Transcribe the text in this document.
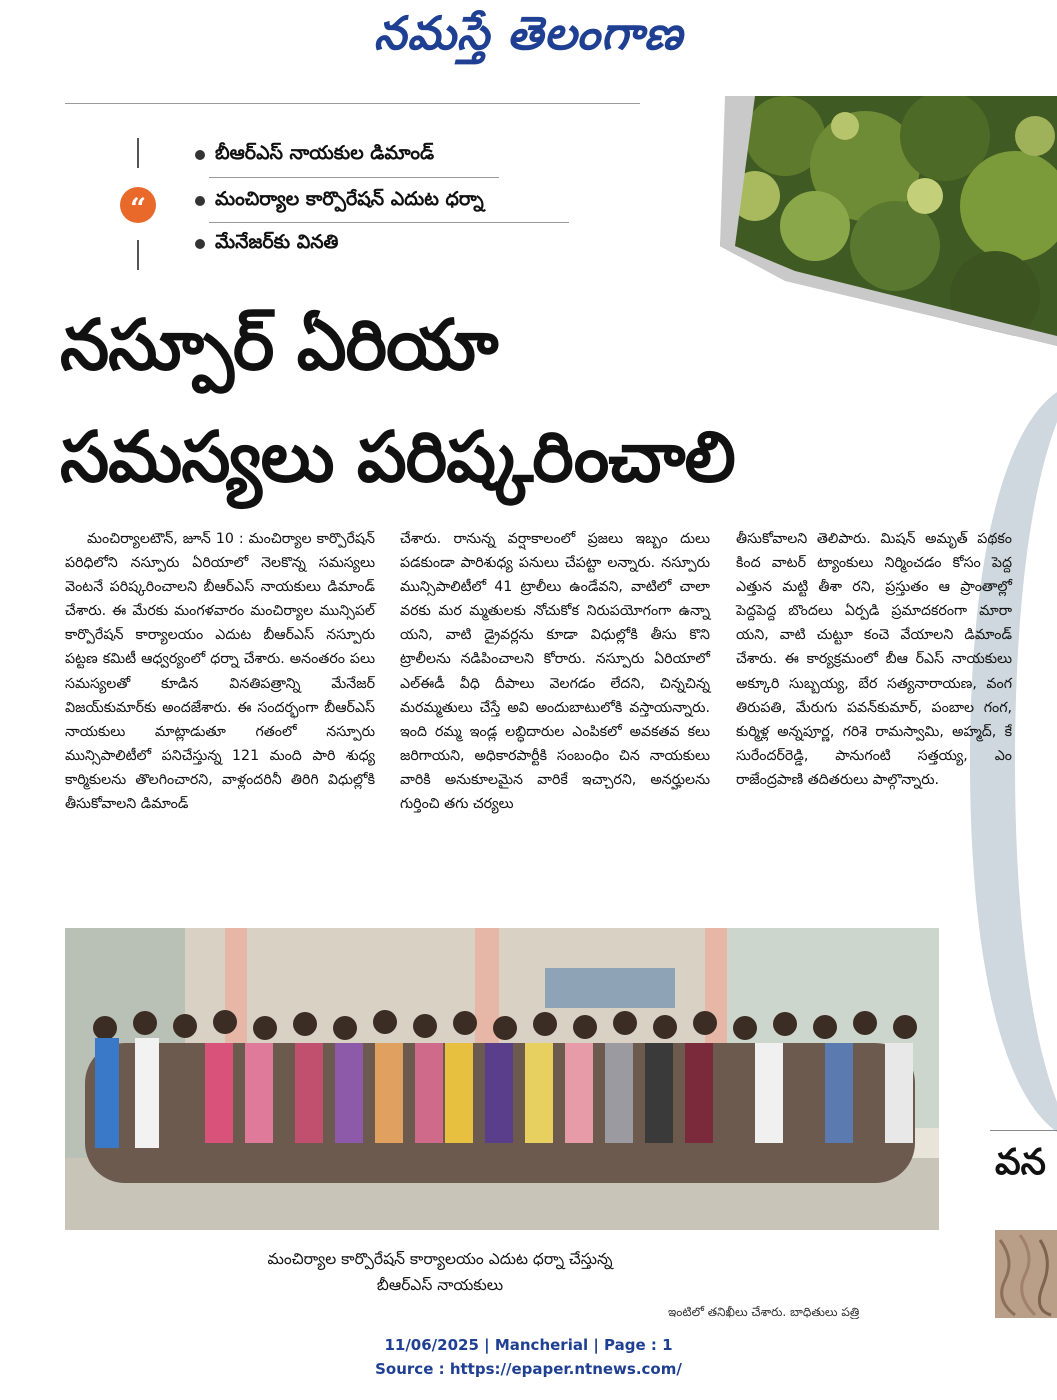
నమస్తే తెలంగాణ
“
బీఆర్ఎస్ నాయకుల డిమాండ్
మంచిర్యాల కార్పొరేషన్ ఎదుట ధర్నా
మేనేజర్‌కు వినతి
నస్పూర్ ఏరియా
సమస్యలు పరిష్కరించాలి

మంచిర్యాలటౌన్, జూన్ 10 : మంచిర్యాల కార్పొరేషన్ పరిధిలోని నస్పూరు ఏరియాలో నెలకొన్న సమస్యలు వెంటనే పరిష్కరించాలని బీఆర్ఎస్ నాయకులు డిమాండ్ చేశారు. ఈ మేరకు మంగళవారం మంచిర్యాల మున్సిపల్ కార్పొరేషన్ కార్యాలయం ఎదుట బీఆర్ఎస్ నస్పూరు పట్టణ కమిటీ ఆధ్వర్యంలో ధర్నా చేశారు. అనంతరం పలు సమస్యలతో కూడిన వినతిపత్రాన్ని మేనేజర్ విజయ్‌కుమార్‌కు అందజేశారు. ఈ సందర్భంగా బీఆర్ఎస్ నాయకులు మాట్లాడుతూ గతంలో నస్పూరు మున్సిపాలిటీలో పనిచేస్తున్న 121 మంది పారి శుధ్య కార్మికులను తొలగించారని, వాళ్లందరినీ తిరిగి విధుల్లోకి తీసుకోవాలని డిమాండ్

చేశారు. రానున్న వర్షాకాలంలో ప్రజలు ఇబ్బం దులు పడకుండా పారిశుధ్య పనులు చేపట్టా లన్నారు. నస్పూరు మున్సిపాలిటీలో 41 ట్రాలీలు ఉండేవని, వాటిలో చాలా వరకు మర మ్మతులకు నోచుకోక నిరుపయోగంగా ఉన్నా యని, వాటి డ్రైవర్లను కూడా విధుల్లోకి తీసు కొని ట్రాలీలను నడిపించాలని కోరారు. నస్పూరు ఏరియాలో ఎల్ఈడీ వీధి దీపాలు వెలగడం లేదని, చిన్నచిన్న మరమ్మతులు చేస్తే అవి అందుబాటులోకి వస్తాయన్నారు. ఇంది రమ్మ ఇండ్ల లబ్ధిదారుల ఎంపికలో అవకతవ కలు జరిగాయని, అధికారపార్టీకి సంబంధిం చిన నాయకులు వారికి అనుకూలమైన వారికే ఇచ్చారని, అనర్హులను గుర్తించి తగు చర్యలు

తీసుకోవాలని తెలిపారు. మిషన్ అమృత్ పథకం కింద వాటర్ ట్యాంకులు నిర్మించడం కోసం పెద్ద ఎత్తున మట్టి తీశా రని, ప్రస్తుతం ఆ ప్రాంతాల్లో పెద్దపెద్ద బొందలు ఏర్పడి ప్రమాదకరంగా మారా యని, వాటి చుట్టూ కంచె వేయాలని డిమాండ్ చేశారు. ఈ కార్యక్రమంలో బీఆ ర్ఎస్ నాయకులు అక్కూరి సుబ్బయ్య, బేర సత్యనారాయణ, వంగ తిరుపతి, మేరుగు పవన్‌కుమార్, పంబాల గంగ, కుర్మిళ్ల అన్నపూర్ణ, గరిశె రామస్వామి, అహ్మద్, కే సురేందర్‌రెడ్డి, పానుగంటి సత్తయ్య, ఎం రాజేంద్రపాణి తదితరులు పాల్గొన్నారు.

మంచిర్యాల కార్పొరేషన్ కార్యాలయం ఎదుట ధర్నా చేస్తున్న
బీఆర్ఎస్ నాయకులు
వన
ఇంటిలో తనిఖీలు చేశారు. బాధితులు పత్రి
11/06/2025 | Mancherial | Page : 1
Source : https://epaper.ntnews.com/
